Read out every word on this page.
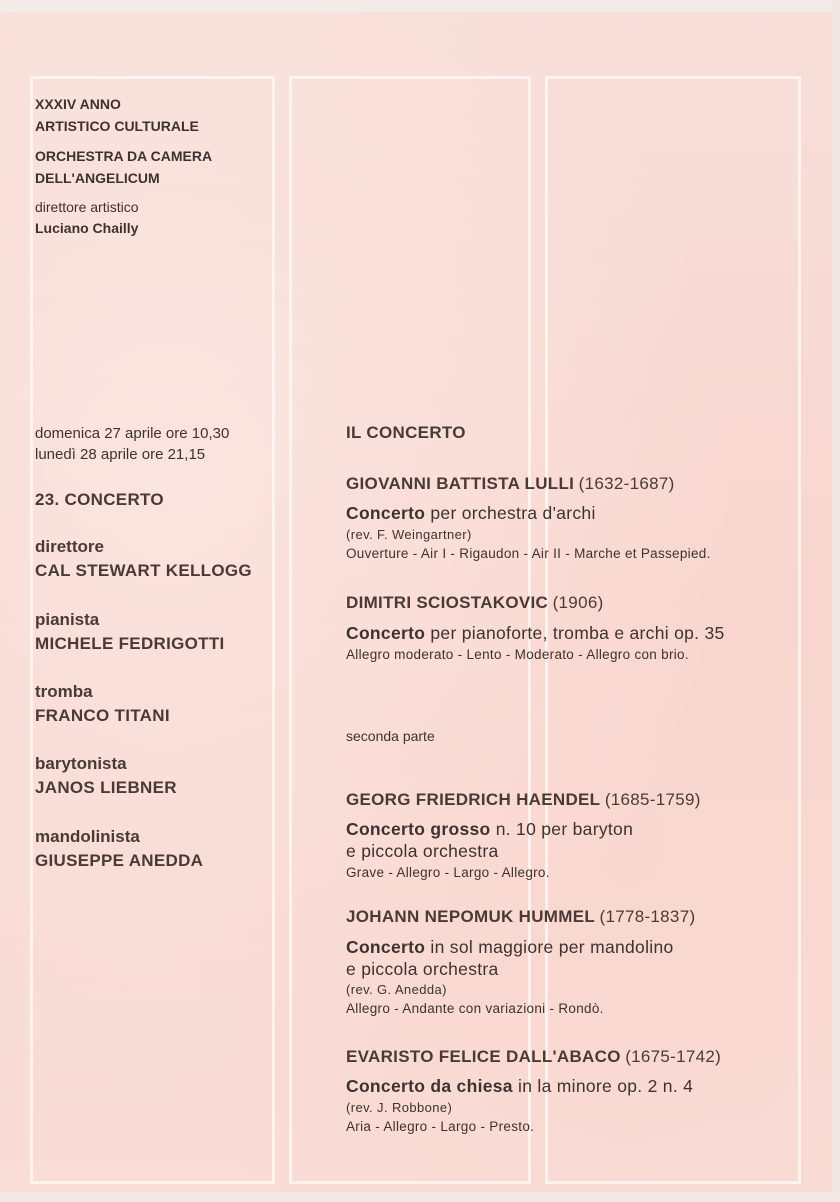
XXXIV ANNO
ARTISTICO CULTURALE
ORCHESTRA DA CAMERA
DELL'ANGELICUM
direttore artistico
Luciano Chailly
domenica 27 aprile ore 10,30
lunedì 28 aprile ore 21,15
23. CONCERTO
direttore
CAL STEWART KELLOGG
pianista
MICHELE FEDRIGOTTI
tromba
FRANCO TITANI
barytonista
JANOS LIEBNER
mandolinista
GIUSEPPE ANEDDA
IL CONCERTO
GIOVANNI BATTISTA LULLI (1632-1687)
Concerto per orchestra d'archi
(rev. F. Weingartner)
Ouverture - Air I - Rigaudon - Air II - Marche et Passepied.
DIMITRI SCIOSTAKOVIC (1906)
Concerto per pianoforte, tromba e archi op. 35
Allegro moderato - Lento - Moderato - Allegro con brio.
seconda parte
GEORG FRIEDRICH HAENDEL (1685-1759)
Concerto grosso n. 10 per baryton
e piccola orchestra
Grave - Allegro - Largo - Allegro.
JOHANN NEPOMUK HUMMEL (1778-1837)
Concerto in sol maggiore per mandolino
e piccola orchestra
(rev. G. Anedda)
Allegro - Andante con variazioni - Rondò.
EVARISTO FELICE DALL'ABACO (1675-1742)
Concerto da chiesa in la minore op. 2 n. 4
(rev. J. Robbone)
Aria - Allegro - Largo - Presto.
